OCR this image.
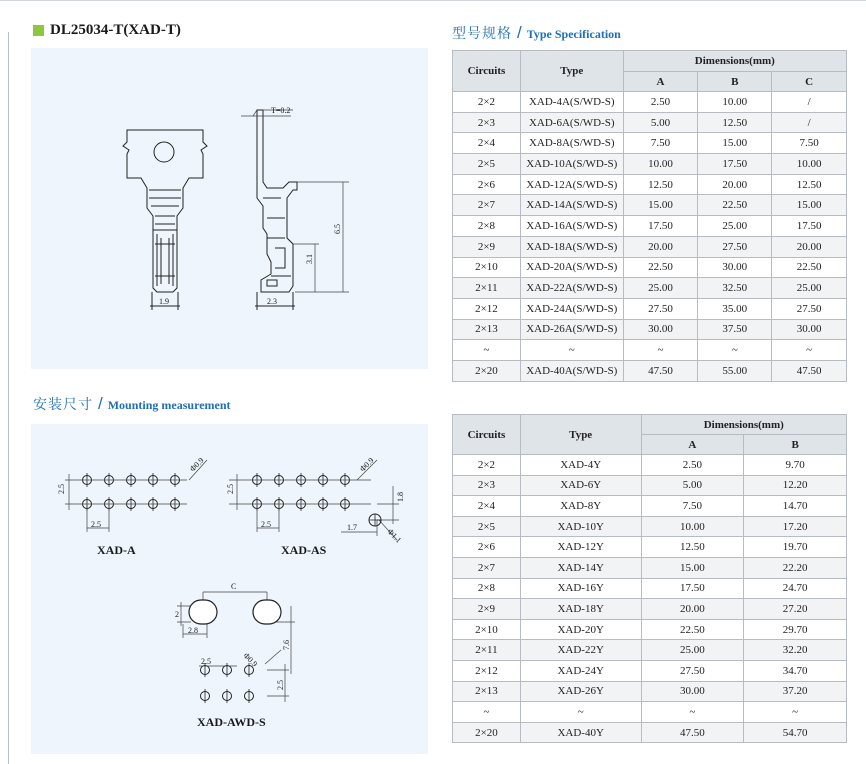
DL25034-T(XAD-T)
T=0.2
6.5
3.1
1.9	2.3
型号规格 / Type Specification
Circuits	Type	Dimensions(mm)		
		A	B	C
2×2	XAD-4A(S/WD-S)	2.50	10.00	/
2×3	XAD-6A(S/WD-S)	5.00	12.50	/
2×4	XAD-8A(S/WD-S)	7.50	15.00	7.50
2×5	XAD-10A(S/WD-S)	10.00	17.50	10.00
2×6	XAD-12A(S/WD-S)	12.50	20.00	12.50
2×7	XAD-14A(S/WD-S)	15.00	22.50	15.00
2×8	XAD-16A(S/WD-S)	17.50	25.00	17.50
2×9	XAD-18A(S/WD-S)	20.00	27.50	20.00
2×10	XAD-20A(S/WD-S)	22.50	30.00	22.50
2×11	XAD-22A(S/WD-S)	25.00	32.50	25.00
2×12	XAD-24A(S/WD-S)	27.50	35.00	27.50
2×13	XAD-26A(S/WD-S)	30.00	37.50	30.00
~	~	~	~	~
2×20	XAD-40A(S/WD-S)	47.50	55.00	47.50
安装尺寸 / Mounting measurement
2.5
2.5
Φ0.9
XAD-A
2.5
2.5
Φ0.9
1.8
1.7	Φ1.1
XAD-AS
C
2
2.8
7.6
2.5	Φ0.9
2.5
XAD-AWD-S
Circuits	Type	Dimensions(mm)	
		A	B
2×2	XAD-4Y	2.50	9.70
2×3	XAD-6Y	5.00	12.20
2×4	XAD-8Y	7.50	14.70
2×5	XAD-10Y	10.00	17.20
2×6	XAD-12Y	12.50	19.70
2×7	XAD-14Y	15.00	22.20
2×8	XAD-16Y	17.50	24.70
2×9	XAD-18Y	20.00	27.20
2×10	XAD-20Y	22.50	29.70
2×11	XAD-22Y	25.00	32.20
2×12	XAD-24Y	27.50	34.70
2×13	XAD-26Y	30.00	37.20
~	~	~	~
2×20	XAD-40Y	47.50	54.70
